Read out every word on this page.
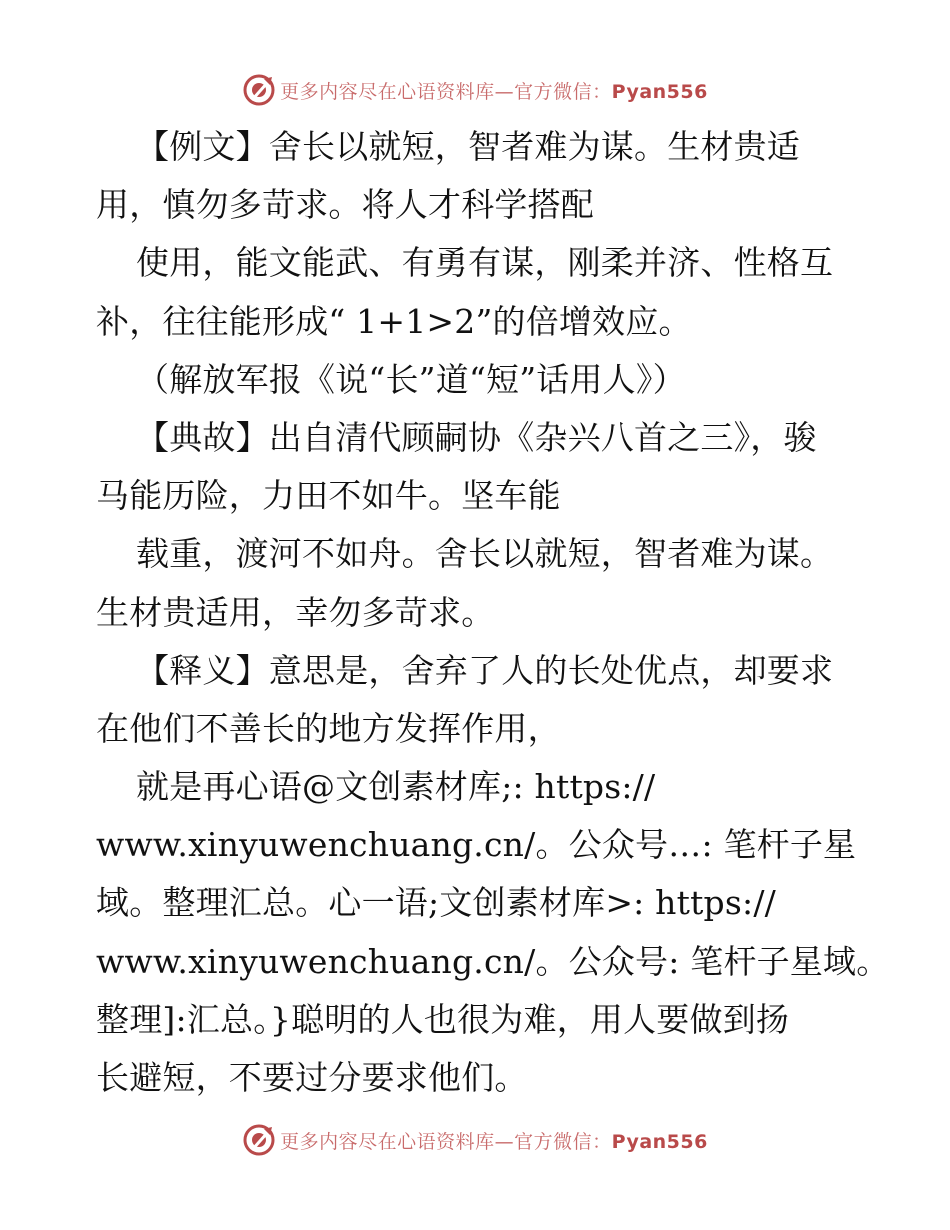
更多内容尽在心语资料库—官方微信：Pyan556
【例文】舍长以就短，智者难为谋。生材贵适
用，慎勿多苛求。将人才科学搭配
使用，能文能武、有勇有谋，刚柔并济、性格互
补，往往能形成“ 1+1>2”的倍增效应。
（解放军报《说“长”道“短”话用人》）
【典故】出自清代顾嗣协《杂兴八首之三》，骏
马能历险，力田不如牛。坚车能
载重，渡河不如舟。舍长以就短，智者难为谋。
生材贵适用，幸勿多苛求。
【释义】意思是，舍弃了人的长处优点，却要求
在他们不善长的地方发挥作用，
就是再心语@文创素材库;: https://
www.xinyuwenchuang.cn/。公众号…: 笔杆子星
域。整理汇总。心一语;文创素材库>: https://
www.xinyuwenchuang.cn/。公众号: 笔杆子星域。
整理]:汇总。}聪明的人也很为难，用人要做到扬
长避短，不要过分要求他们。
更多内容尽在心语资料库—官方微信：Pyan556
